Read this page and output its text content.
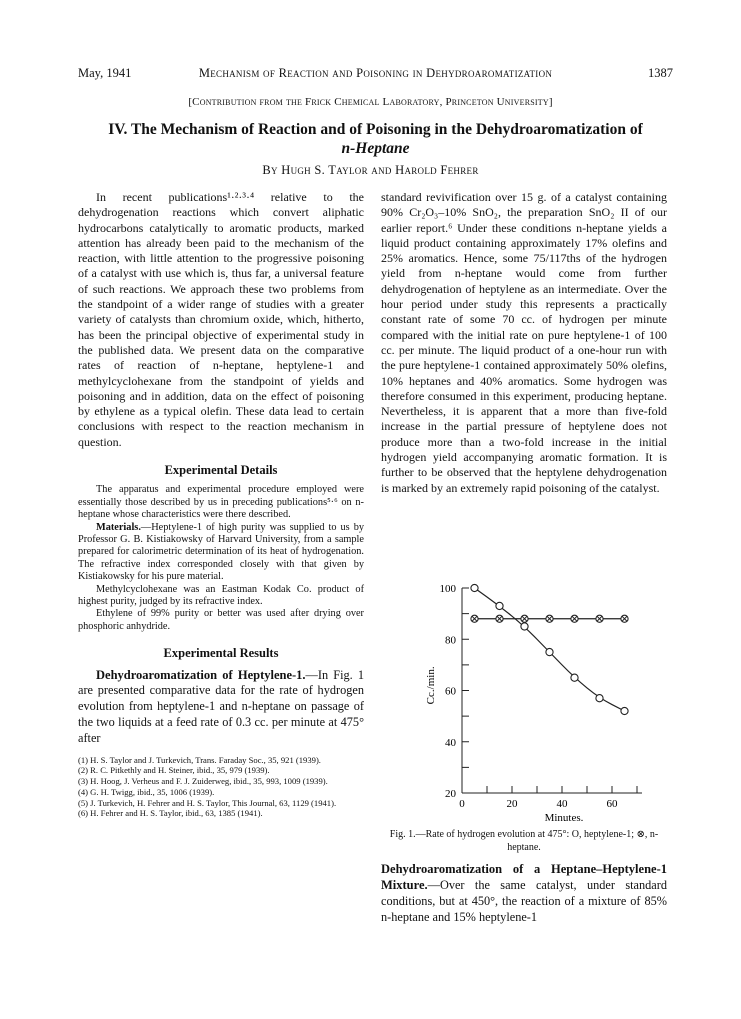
May, 1941	Mechanism of Reaction and Poisoning in Dehydroaromatization	1387
[Contribution from the Frick Chemical Laboratory, Princeton University]
IV. The Mechanism of Reaction and of Poisoning in the Dehydroaromatization of
n-Heptane
By Hugh S. Taylor and Harold Fehrer

In recent publications¹·²·³·⁴ relative to the dehydrogenation reactions which convert aliphatic hydrocarbons catalytically to aromatic products, marked attention has already been paid to the mechanism of the reaction, with little attention to the progressive poisoning of a catalyst with use which is, thus far, a universal feature of such reactions. We approach these two problems from the standpoint of a wider range of studies with a greater variety of catalysts than chromium oxide, which, hitherto, has been the principal objective of experimental study in the published data. We present data on the comparative rates of reaction of n-heptane, heptylene-1 and methylcyclohexane from the standpoint of yields and poisoning and in addition, data on the effect of poisoning by ethylene as a typical olefin. These data lead to certain conclusions with respect to the reaction mechanism in question.

Experimental Details

The apparatus and experimental procedure employed were essentially those described by us in preceding publications⁵·⁶ on n-heptane whose characteristics were there described.

Materials.—Heptylene-1 of high purity was supplied to us by Professor G. B. Kistiakowsky of Harvard University, from a sample prepared for calorimetric determination of its heat of hydrogenation. The refractive index corresponded closely with that given by Kistiakowsky for his pure material.

Methylcyclohexane was an Eastman Kodak Co. product of highest purity, judged by its refractive index.

Ethylene of 99% purity or better was used after drying over phosphoric anhydride.

Experimental Results

Dehydroaromatization of Heptylene-1.—In Fig. 1 are presented comparative data for the rate of hydrogen evolution from heptylene-1 and n-heptane on passage of the two liquids at a feed rate of 0.3 cc. per minute at 475° after

(1) H. S. Taylor and J. Turkevich, Trans. Faraday Soc., 35, 921 (1939).

(2) R. C. Pitkethly and H. Steiner, ibid., 35, 979 (1939).

(3) H. Hoog, J. Verheus and F. J. Zuiderweg, ibid., 35, 993, 1009 (1939).

(4) G. H. Twigg, ibid., 35, 1006 (1939).

(5) J. Turkevich, H. Fehrer and H. S. Taylor, This Journal, 63, 1129 (1941).

(6) H. Fehrer and H. S. Taylor, ibid., 63, 1385 (1941).

standard revivification over 15 g. of a catalyst containing 90% Cr₂O₃–10% SnO₂, the preparation SnO₂ II of our earlier report.⁶ Under these conditions n-heptane yields a liquid product containing approximately 17% olefins and 25% aromatics. Hence, some 75/117ths of the hydrogen yield from n-heptane would come from further dehydrogenation of heptylene as an intermediate. Over the hour period under study this represents a practically constant rate of some 70 cc. of hydrogen per minute compared with the initial rate on pure heptylene-1 of 100 cc. per minute. The liquid product of a one-hour run with the pure heptylene-1 contained approximately 50% olefins, 10% heptanes and 40% aromatics. Some hydrogen was therefore consumed in this experiment, producing heptane. Nevertheless, it is apparent that a more than five-fold increase in the partial pressure of heptylene does not produce more than a two-fold increase in the initial hydrogen yield accompanying aromatic formation. It is further to be observed that the heptylene dehydrogenation is marked by an extremely rapid poisoning of the catalyst.

20
40
60
80
100
0	20	40	60
Minutes.
Cc./min.
Fig. 1.—Rate of hydrogen evolution at 475°: O, heptylene-1; ⊗, n-heptane.

Dehydroaromatization of a Heptane–Heptylene-1 Mixture.—Over the same catalyst, under standard conditions, but at 450°, the reaction of a mixture of 85% n-heptane and 15% heptylene-1
